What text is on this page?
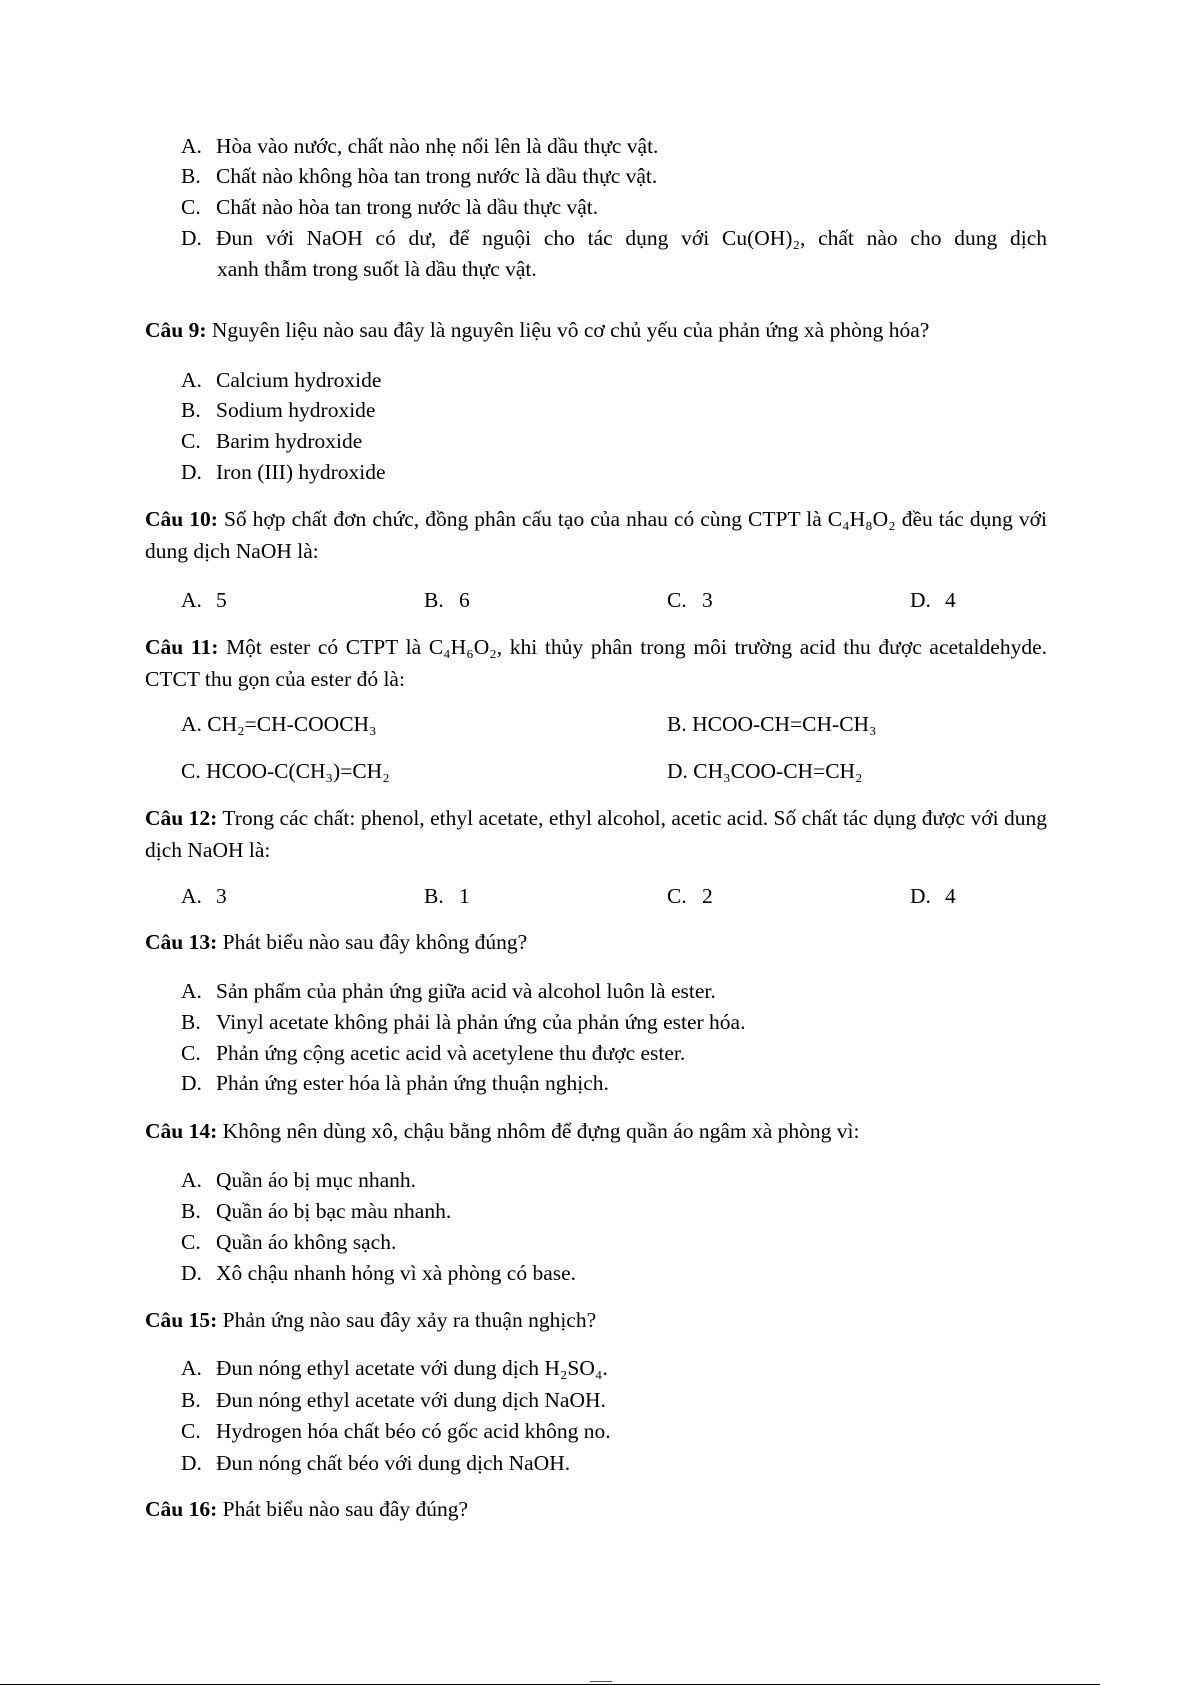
A. Hòa vào nước, chất nào nhẹ nổi lên là dầu thực vật.
B. Chất nào không hòa tan trong nước là dầu thực vật.
C. Chất nào hòa tan trong nước là dầu thực vật.
D. Đun với NaOH có dư, để nguội cho tác dụng với Cu(OH)₂, chất nào cho dung dịch
xanh thẫm trong suốt là dầu thực vật.
Câu 9: Nguyên liệu nào sau đây là nguyên liệu vô cơ chủ yếu của phản ứng xà phòng hóa?
A. Calcium hydroxide
B. Sodium hydroxide
C. Barim hydroxide
D. Iron (III) hydroxide
Câu 10: Số hợp chất đơn chức, đồng phân cấu tạo của nhau có cùng CTPT là C₄H₈O₂ đều tác dụng với dung dịch NaOH là:
A. 5	B. 6	C. 3	D. 4
Câu 11: Một ester có CTPT là C₄H₆O₂, khi thủy phân trong môi trường acid thu được acetaldehyde. CTCT thu gọn của ester đó là:
A. CH₂=CH-COOCH₃	B. HCOO-CH=CH-CH₃
C. HCOO-C(CH₃)=CH₂	D. CH₃COO-CH=CH₂
Câu 12: Trong các chất: phenol, ethyl acetate, ethyl alcohol, acetic acid. Số chất tác dụng được với dung dịch NaOH là:
A. 3	B. 1	C. 2	D. 4
Câu 13: Phát biểu nào sau đây không đúng?
A. Sản phẩm của phản ứng giữa acid và alcohol luôn là ester.
B. Vinyl acetate không phải là phản ứng của phản ứng ester hóa.
C. Phản ứng cộng acetic acid và acetylene thu được ester.
D. Phản ứng ester hóa là phản ứng thuận nghịch.
Câu 14: Không nên dùng xô, chậu bằng nhôm để đựng quần áo ngâm xà phòng vì:
A. Quần áo bị mục nhanh.
B. Quần áo bị bạc màu nhanh.
C. Quần áo không sạch.
D. Xô chậu nhanh hỏng vì xà phòng có base.
Câu 15: Phản ứng nào sau đây xảy ra thuận nghịch?
A. Đun nóng ethyl acetate với dung dịch H₂SO₄.
B. Đun nóng ethyl acetate với dung dịch NaOH.
C. Hydrogen hóa chất béo có gốc acid không no.
D. Đun nóng chất béo với dung dịch NaOH.
Câu 16: Phát biểu nào sau đây đúng?
